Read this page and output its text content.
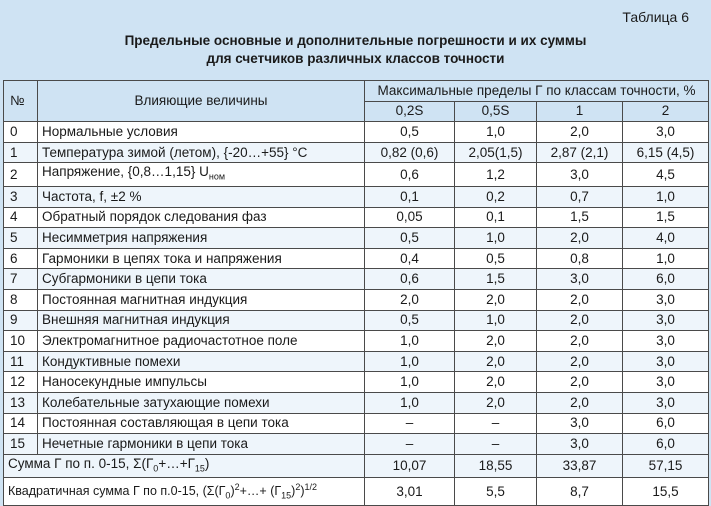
Таблица 6
Предельные основные и дополнительные погрешности и их суммы
для счетчиков различных классов точности
№	Влияющие величины	Максимальные пределы Г по классам точности, %			
		0,2S	0,5S	1	2
0	Нормальные условия	0,5	1,0	2,0	3,0
1	Температура зимой (летом), {-20…+55} °C	0,82 (0,6)	2,05(1,5)	2,87 (2,1)	6,15 (4,5)
2	Напряжение, {0,8…1,15} $U_{ном}$	0,6	1,2	3,0	4,5
3	Частота, f, ±2 %	0,1	0,2	0,7	1,0
4	Обратный порядок следования фаз	0,05	0,1	1,5	1,5
5	Несимметрия напряжения	0,5	1,0	2,0	4,0
6	Гармоники в цепях тока и напряжения	0,4	0,5	0,8	1,0
7	Субгармоники в цепи тока	0,6	1,5	3,0	6,0
8	Постоянная магнитная индукция	2,0	2,0	2,0	3,0
9	Внешняя магнитная индукция	0,5	1,0	2,0	3,0
10	Электромагнитное радиочастотное поле	1,0	2,0	2,0	3,0
11	Кондуктивные помехи	1,0	2,0	2,0	3,0
12	Наносекундные импульсы	1,0	2,0	2,0	3,0
13	Колебательные затухающие помехи	1,0	2,0	2,0	3,0
14	Постоянная составляющая в цепи тока	–	–	3,0	6,0
15	Нечетные гармоники в цепи тока	–	–	3,0	6,0
Сумма Г по п. 0-15, $\Sigma(Г_0+\dots+Г_{15})$		10,07	18,55	33,87	57,15
Квадратичная сумма Г по п.0-15, $(\Sigma(Г_0)^2+\dots+ (Г_{15})^2)^{1/2}$		3,01	5,5	8,7	15,5
